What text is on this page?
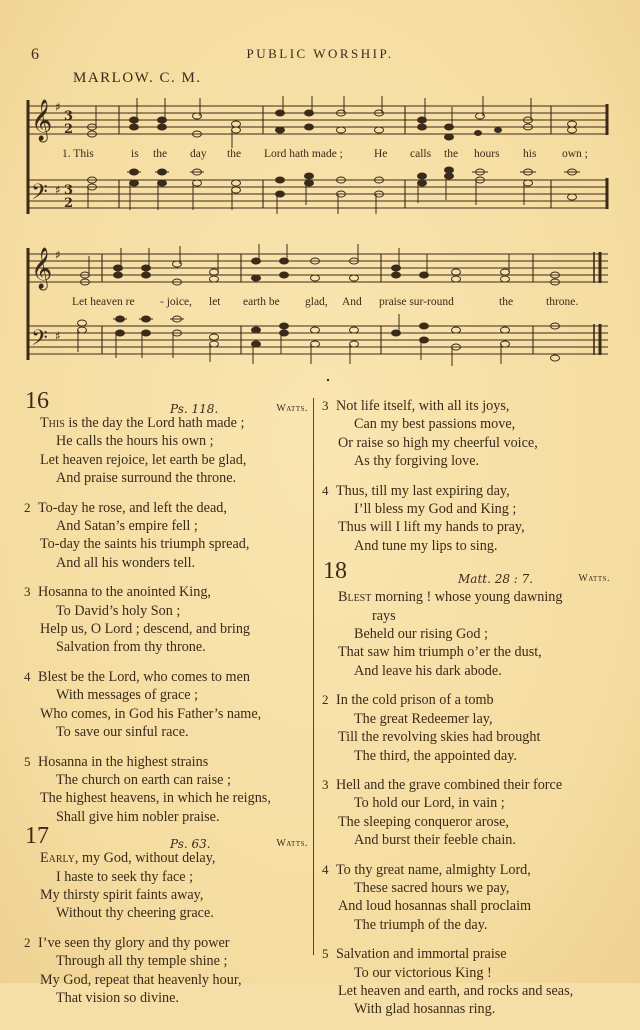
6	PUBLIC WORSHIP.
MARLOW. C. M.
𝄞
𝄢
𝄞
𝄢
♯
♯
♯
♯
3
2
3
2
1. This	is the day the Lord hath made ;	He calls the hours his own ;
Let heaven re - joice, let earth be glad, And praise sur-round	the	throne.
16	Ps. 118.	Watts.
This is the day the Lord hath made ;
He calls the hours his own ;
Let heaven rejoice, let earth be glad,
And praise surround the throne.
2 To-day he rose, and left the dead,
And Satan’s empire fell ;
To-day the saints his triumph spread,
And all his wonders tell.
3 Hosanna to the anointed King,
To David’s holy Son ;
Help us, O Lord ; descend, and bring
Salvation from thy throne.
4 Blest be the Lord, who comes to men
With messages of grace ;
Who comes, in God his Father’s name,
To save our sinful race.
5 Hosanna in the highest strains
The church on earth can raise ;
The highest heavens, in which he reigns,
Shall give him nobler praise.
17	Ps. 63.	Watts.
Early, my God, without delay,
I haste to seek thy face ;
My thirsty spirit faints away,
Without thy cheering grace.
2 I’ve seen thy glory and thy power
Through all thy temple shine ;
My God, repeat that heavenly hour,
That vision so divine.
3 Not life itself, with all its joys,
Can my best passions move,
Or raise so high my cheerful voice,
As thy forgiving love.
4 Thus, till my last expiring day,
I’ll bless my God and King ;
Thus will I lift my hands to pray,
And tune my lips to sing.
18	Matt. 28 : 7.	Watts.
Blest morning ! whose young dawning
rays
Beheld our rising God ;
That saw him triumph o’er the dust,
And leave his dark abode.
2 In the cold prison of a tomb
The great Redeemer lay,
Till the revolving skies had brought
The third, the appointed day.
3 Hell and the grave combined their force
To hold our Lord, in vain ;
The sleeping conqueror arose,
And burst their feeble chain.
4 To thy great name, almighty Lord,
These sacred hours we pay,
And loud hosannas shall proclaim
The triumph of the day.
5 Salvation and immortal praise
To our victorious King !
Let heaven and earth, and rocks and seas,
With glad hosannas ring.
